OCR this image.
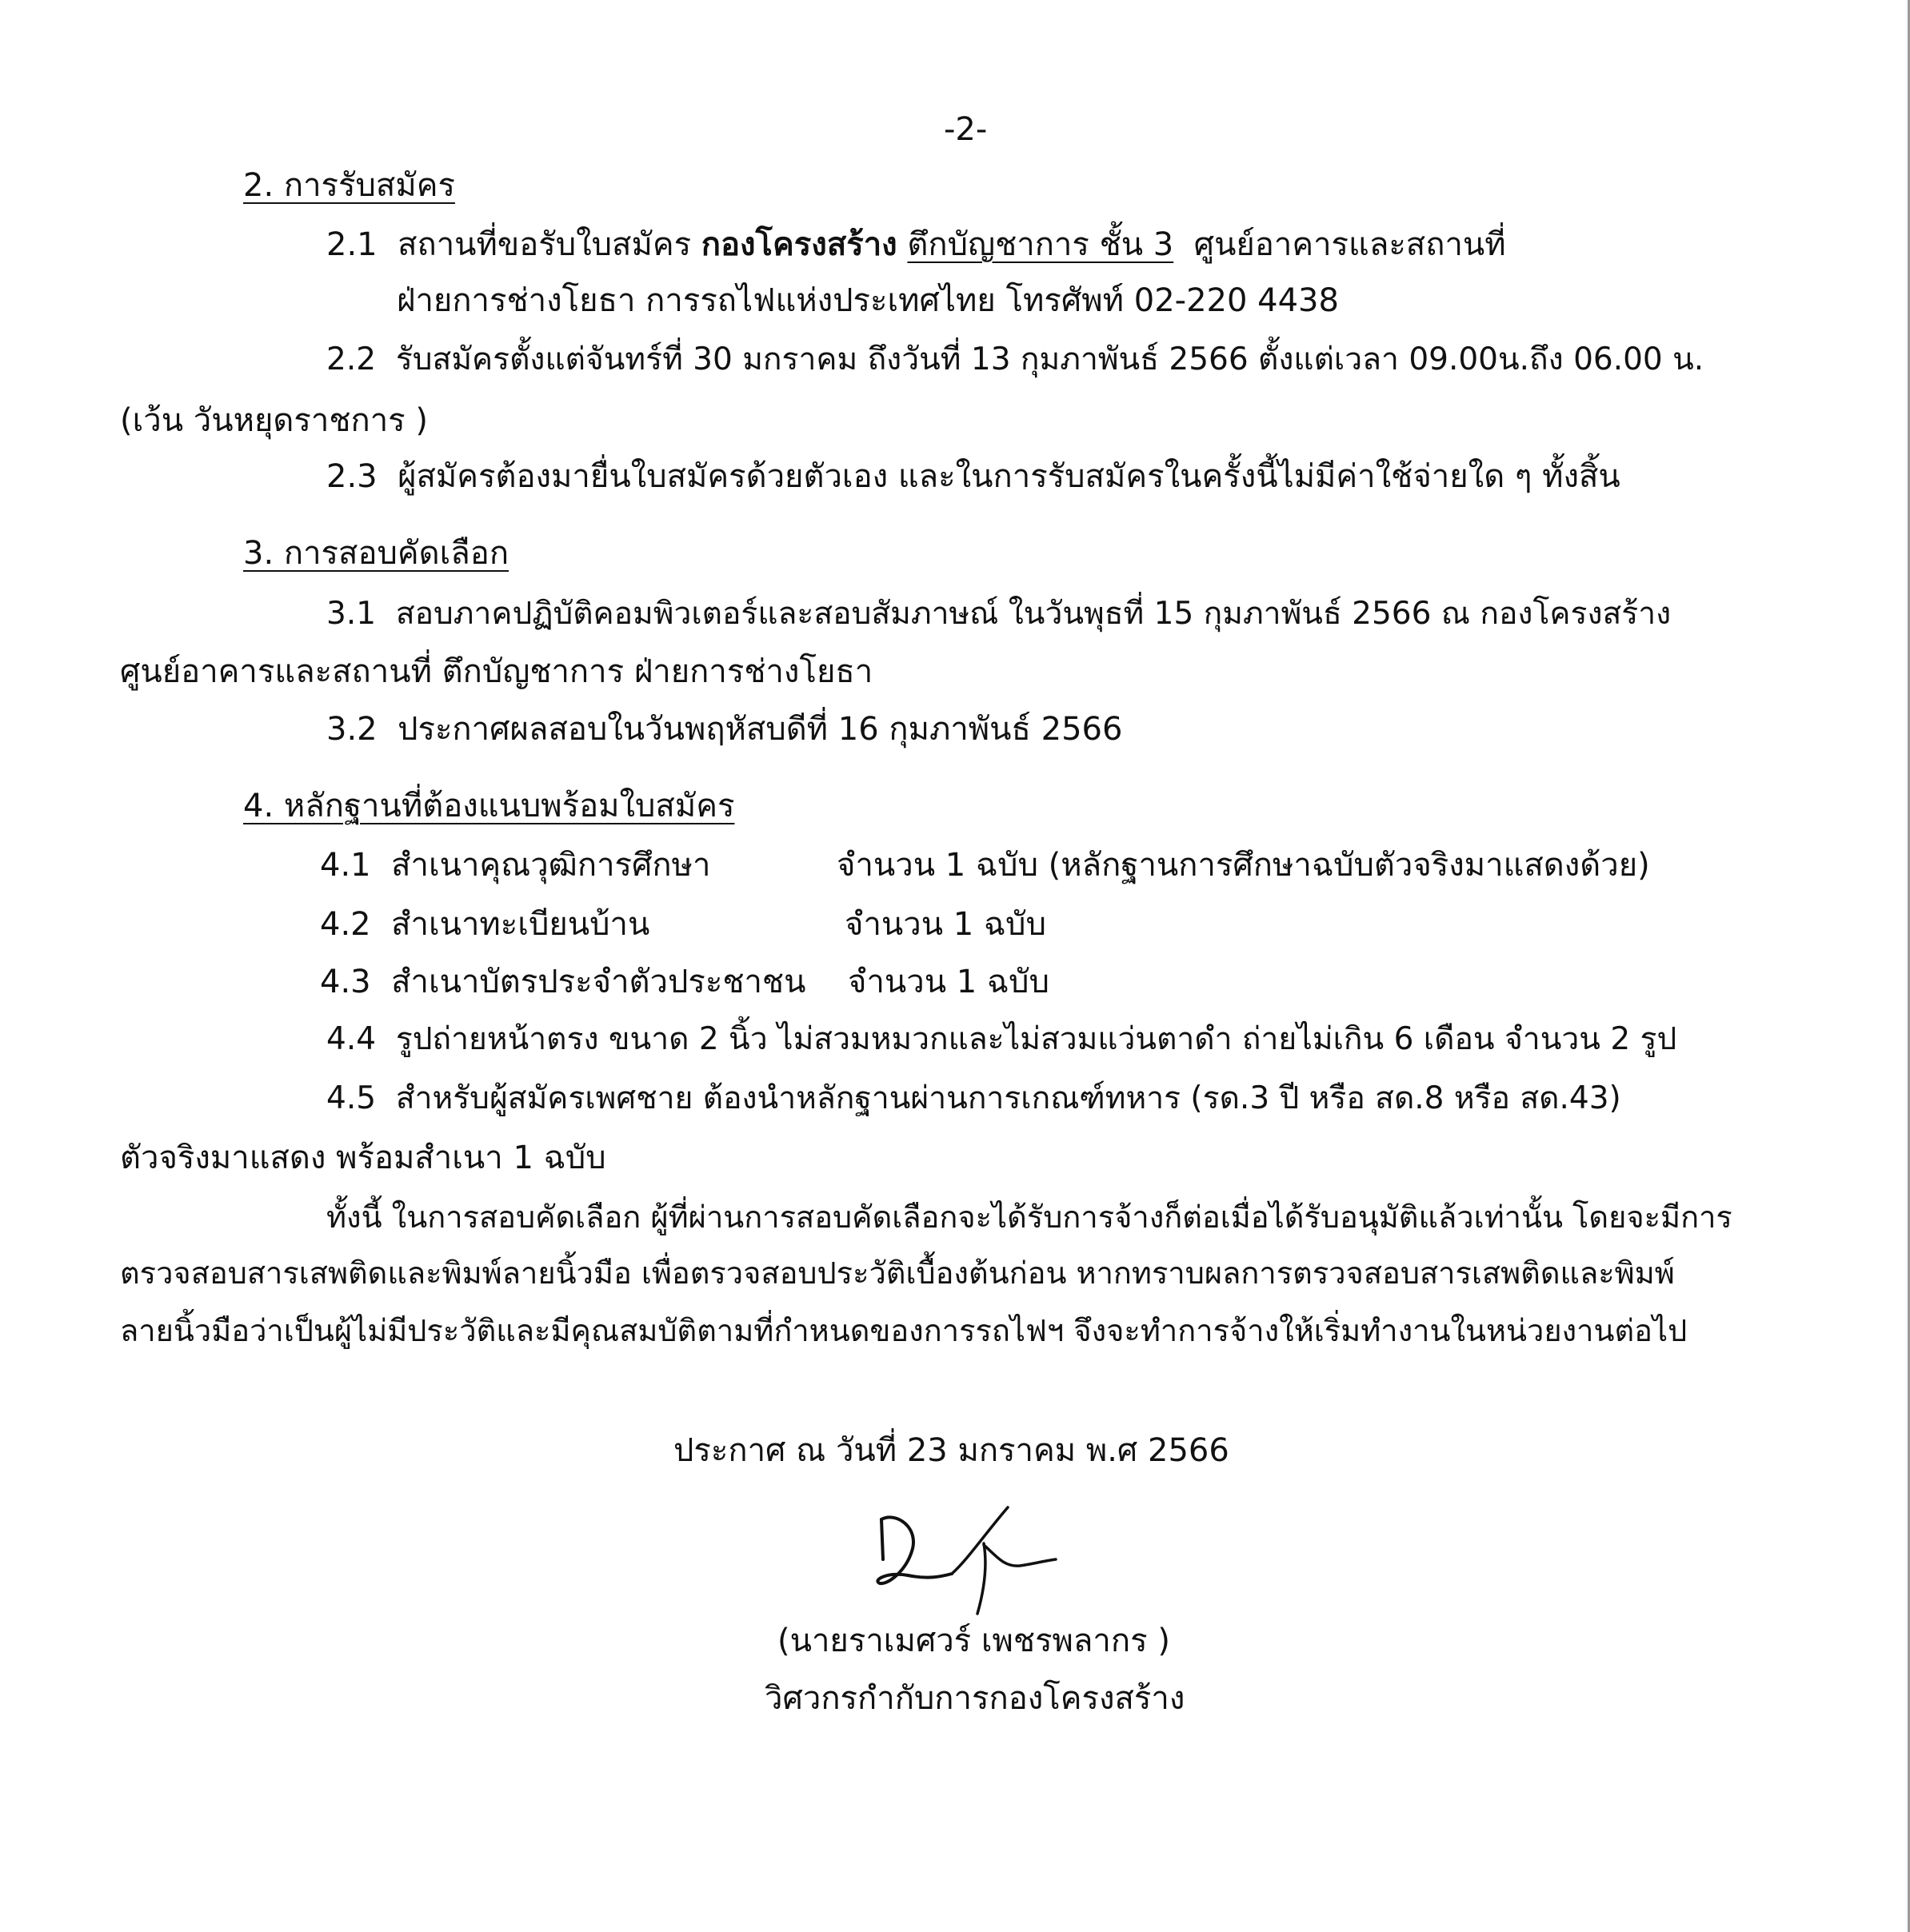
-2-
2. การรับสมัคร
2.1 สถานที่ขอรับใบสมัคร กองโครงสร้าง ตึกบัญชาการ ชั้น 3 ศูนย์อาคารและสถานที่
ฝ่ายการช่างโยธา การรถไฟแห่งประเทศไทย โทรศัพท์ 02-220 4438
2.2 รับสมัครตั้งแต่จันทร์ที่ 30 มกราคม ถึงวันที่ 13 กุมภาพันธ์ 2566 ตั้งแต่เวลา 09.00น.ถึง 06.00 น.
(เว้น วันหยุดราชการ )
2.3 ผู้สมัครต้องมายื่นใบสมัครด้วยตัวเอง และในการรับสมัครในครั้งนี้ไม่มีค่าใช้จ่ายใด ๆ ทั้งสิ้น
3. การสอบคัดเลือก
3.1 สอบภาคปฏิบัติคอมพิวเตอร์และสอบสัมภาษณ์ ในวันพุธที่ 15 กุมภาพันธ์ 2566 ณ กองโครงสร้าง
ศูนย์อาคารและสถานที่ ตึกบัญชาการ ฝ่ายการช่างโยธา
3.2 ประกาศผลสอบในวันพฤหัสบดีที่ 16 กุมภาพันธ์ 2566
4. หลักฐานที่ต้องแนบพร้อมใบสมัคร
4.1 สำเนาคุณวุฒิการศึกษา	จำนวน 1 ฉบับ (หลักฐานการศึกษาฉบับตัวจริงมาแสดงด้วย)
4.2 สำเนาทะเบียนบ้าน	จำนวน 1 ฉบับ
4.3 สำเนาบัตรประจำตัวประชาชน จำนวน 1 ฉบับ
4.4 รูปถ่ายหน้าตรง ขนาด 2 นิ้ว ไม่สวมหมวกและไม่สวมแว่นตาดำ ถ่ายไม่เกิน 6 เดือน จำนวน 2 รูป
4.5 สำหรับผู้สมัครเพศชาย ต้องนำหลักฐานผ่านการเกณฑ์ทหาร (รด.3 ปี หรือ สด.8 หรือ สด.43)
ตัวจริงมาแสดง พร้อมสำเนา 1 ฉบับ
ทั้งนี้ ในการสอบคัดเลือก ผู้ที่ผ่านการสอบคัดเลือกจะได้รับการจ้างก็ต่อเมื่อได้รับอนุมัติแล้วเท่านั้น โดยจะมีการ
ตรวจสอบสารเสพติดและพิมพ์ลายนิ้วมือ เพื่อตรวจสอบประวัติเบื้องต้นก่อน หากทราบผลการตรวจสอบสารเสพติดและพิมพ์
ลายนิ้วมือว่าเป็นผู้ไม่มีประวัติและมีคุณสมบัติตามที่กำหนดของการรถไฟฯ จึงจะทำการจ้างให้เริ่มทำงานในหน่วยงานต่อไป
ประกาศ ณ วันที่ 23 มกราคม พ.ศ 2566
(นายราเมศวร์ เพชรพลากร )
วิศวกรกำกับการกองโครงสร้าง
